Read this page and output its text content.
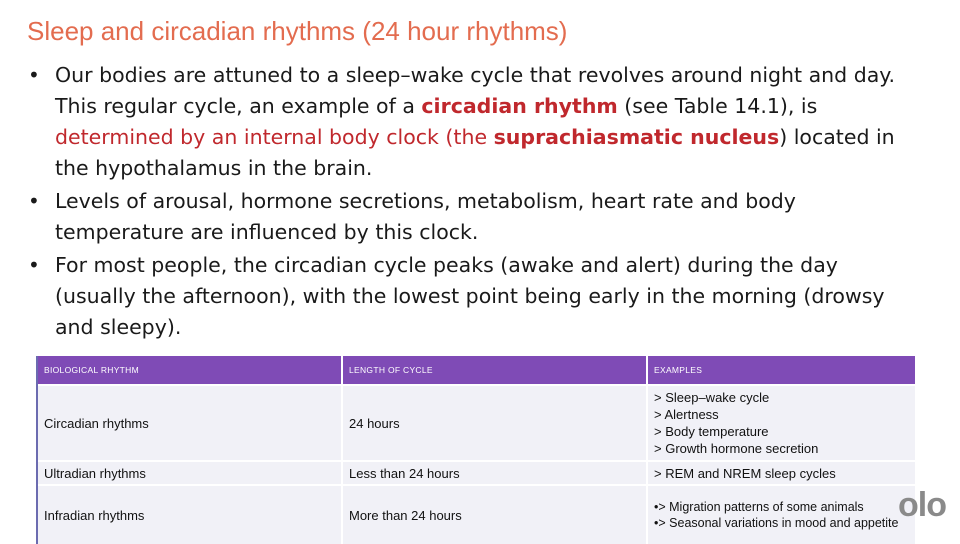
Sleep and circadian rhythms (24 hour rhythms)
• Our bodies are attuned to a sleep–wake cycle that revolves around night and day. This regular cycle, an example of a circadian rhythm (see Table 14.1), is determined by an internal body clock (the suprachiasmatic nucleus) located in the hypothalamus in the brain.
• Levels of arousal, hormone secretions, metabolism, heart rate and body temperature are influenced by this clock.
• For most people, the circadian cycle peaks (awake and alert) during the day (usually the afternoon), with the lowest point being early in the morning (drowsy and sleepy).
BIOLOGICAL RHYTHM	LENGTH OF CYCLE	EXAMPLES
Circadian rhythms	24 hours	> Sleep–wake cycle
> Alertness
> Body temperature
> Growth hormone secretion

Ultradian rhythms	Less than 24 hours	> REM and NREM sleep cycles

Infradian rhythms	More than 24 hours	•> Migration patterns of some animals
•> Seasonal variations in mood and appetite olo
